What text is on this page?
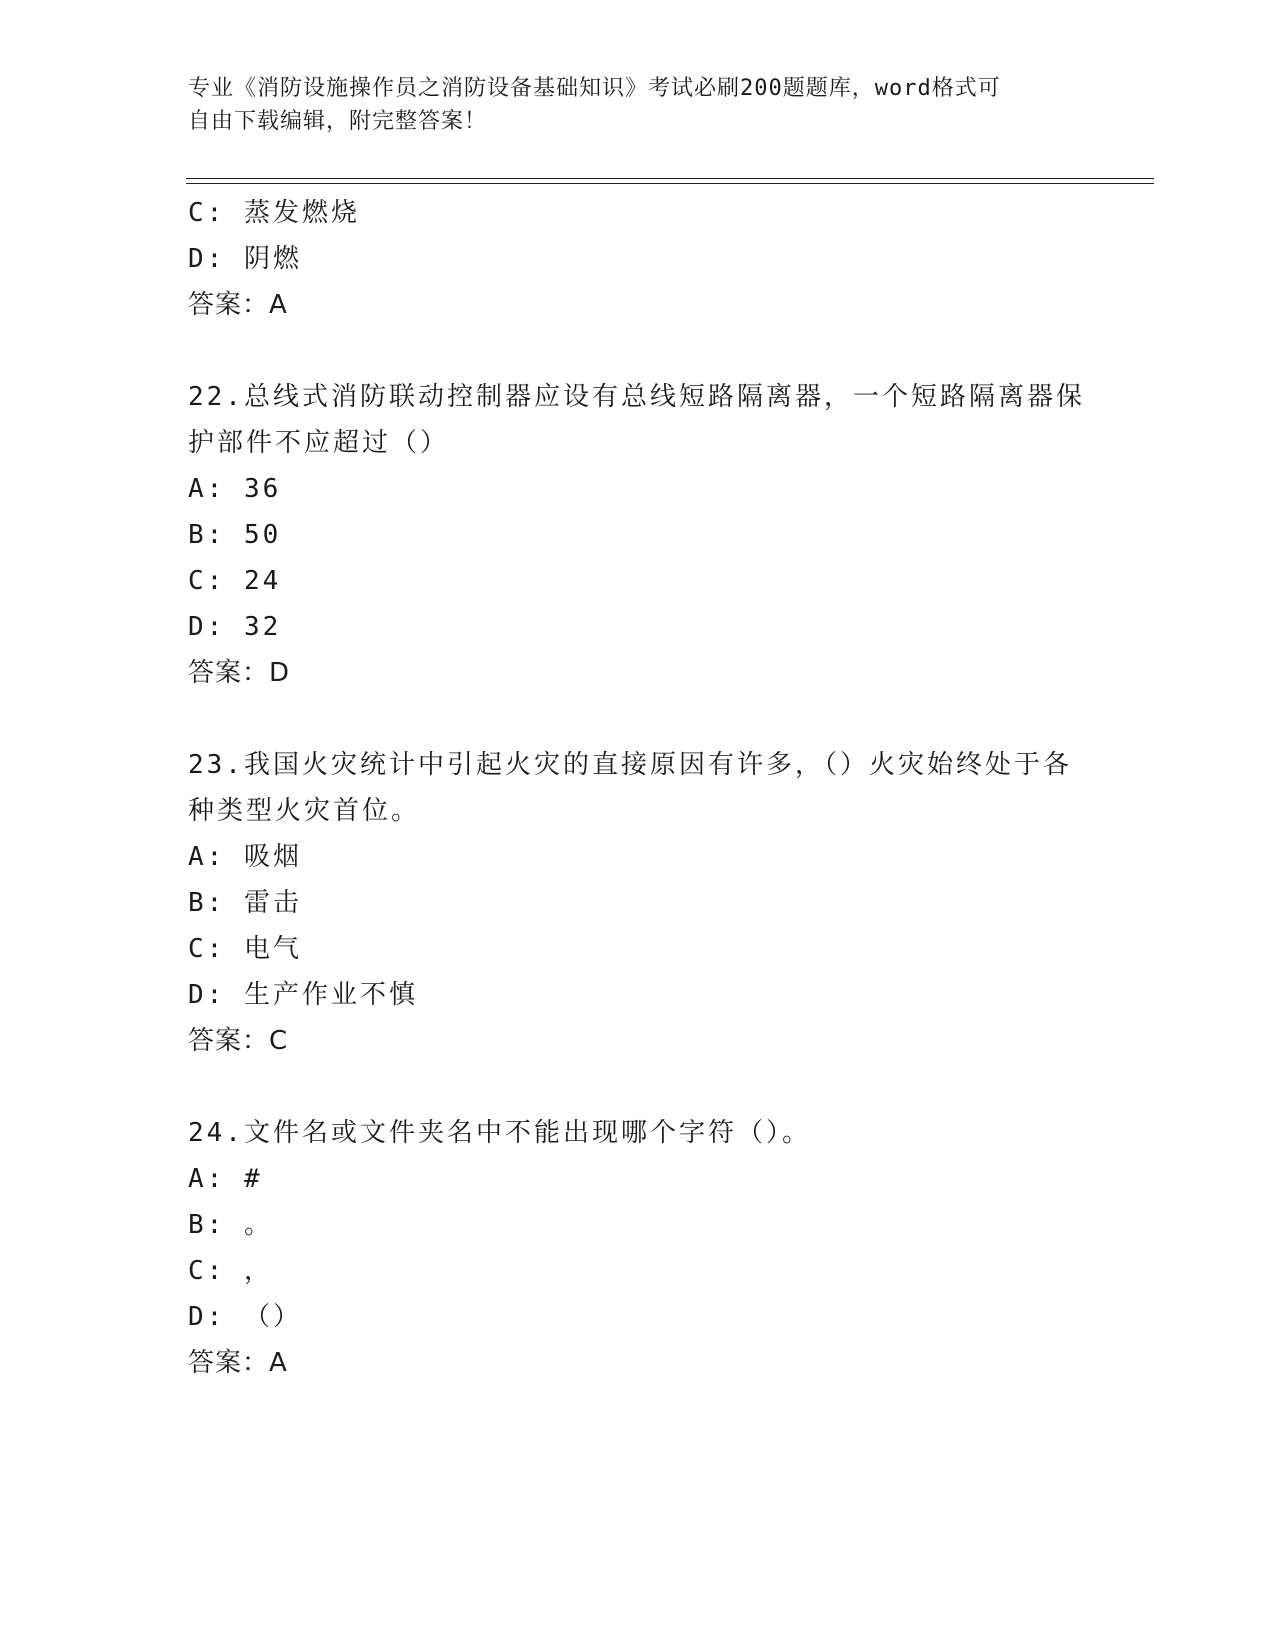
专业《消防设施操作员之消防设备基础知识》考试必刷200题题库，word格式可
自由下载编辑，附完整答案！
C: 蒸发燃烧
D: 阴燃
答案：A
22.总线式消防联动控制器应设有总线短路隔离器，一个短路隔离器保
护部件不应超过（）
A: 36
B: 50
C: 24
D: 32
答案：D
23.我国火灾统计中引起火灾的直接原因有许多，（）火灾始终处于各
种类型火灾首位。
A: 吸烟
B: 雷击
C: 电气
D: 生产作业不慎
答案：C
24.文件名或文件夹名中不能出现哪个字符（）。
A: #
B: 。
C: ，
D: （）
答案：A
